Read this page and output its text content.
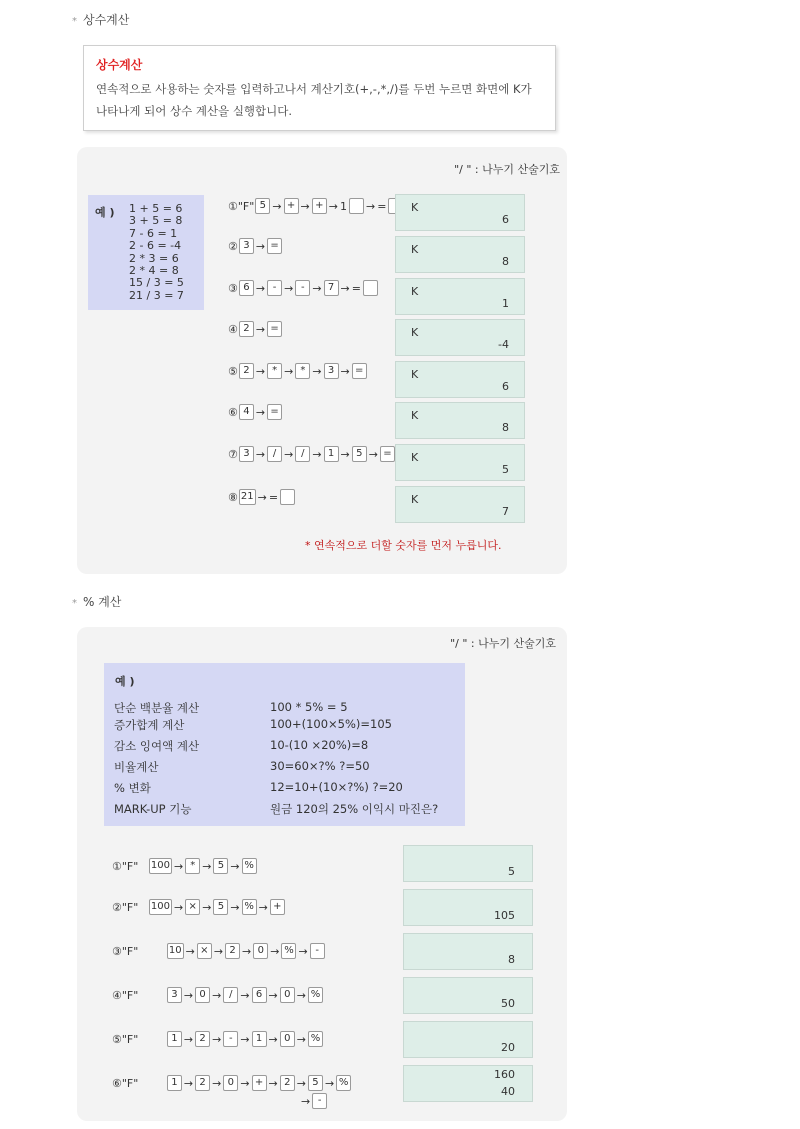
* 상수계산
상수계산
연속적으로 사용하는 숫자를 입력하고나서 계산기호(+,-,*,/)를 두번 누르면 화면에 K가 나타나게 되어 상수 계산을 실행합니다.
"/ " : 나누기 산술기호
예 ) 1 + 5 = 6
3 + 5 = 8
7 - 6 = 1
2 - 6 = -4
2 * 3 = 6
2 * 4 = 8
15 / 3 = 5
21 / 3 = 7
① "F" 5 → + → + → 1 → = K
6
② 3 → =	K
8
③ 6 → - → - → 7 → =	K
1
④ 2 → =	K
-4
⑤ 2 → * → * → 3 → =	K
6
⑥ 4 → =	K
8
⑦ 3 → / → / → 1 → 5 → =	K
5
⑧ 21 → =	K
7
* 연속적으로 더할 숫자를 먼저 누릅니다.
* % 계산
"/ " : 나누기 산술기호
예 )
단순 백분율 계산	100 * 5% = 5
증가합계 계산	100+(100×5%)=105
감소 잉여액 계산	10-(10 ×20%)=8
비율계산	30=60×?% ?=50
% 변화	12=10+(10×?%) ?=20
MARK-UP 기능	원금 120의 25% 이익시 마진은?
① "F"	100 → * → 5 → %	5
② "F"	100 → × → 5 → % → +
105
③ "F"	10 → × → 2 → 0 → % → -
8
④ "F"	3 → 0 → / → 6 → 0 → %
50
⑤ "F"	1 → 2 → - → 1 → 0 → %
20
⑥ "F"	1 → 2 → 0 → + → 2 → 5 → %
→ -
160
40
